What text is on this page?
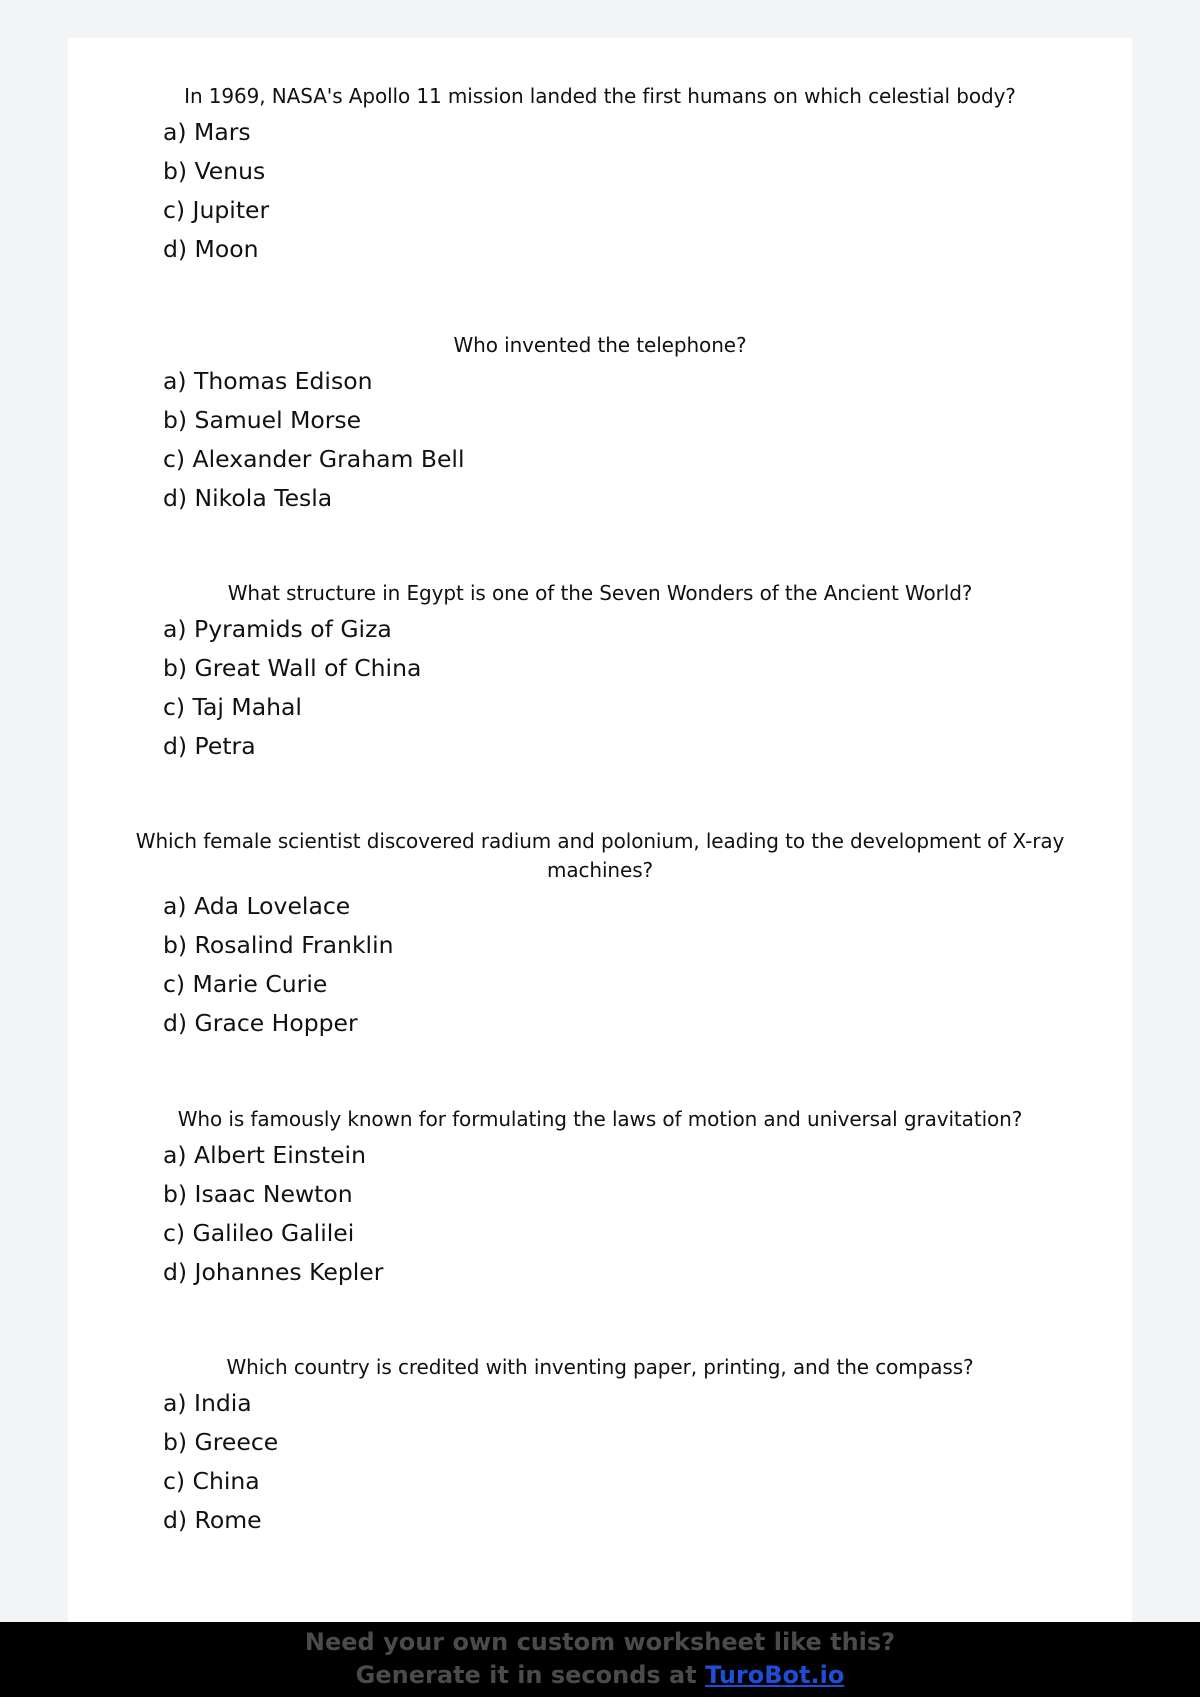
In 1969, NASA's Apollo 11 mission landed the first humans on which celestial body?

a) Mars
b) Venus
c) Jupiter
d) Moon

Who invented the telephone?

a) Thomas Edison
b) Samuel Morse
c) Alexander Graham Bell
d) Nikola Tesla

What structure in Egypt is one of the Seven Wonders of the Ancient World?

a) Pyramids of Giza
b) Great Wall of China
c) Taj Mahal
d) Petra

Which female scientist discovered radium and polonium, leading to the development of X-ray machines?

a) Ada Lovelace
b) Rosalind Franklin
c) Marie Curie
d) Grace Hopper

Who is famously known for formulating the laws of motion and universal gravitation?

a) Albert Einstein
b) Isaac Newton
c) Galileo Galilei
d) Johannes Kepler

Which country is credited with inventing paper, printing, and the compass?

a) India
b) Greece
c) China
d) Rome
Need your own custom worksheet like this?
Generate it in seconds at TuroBot.io
